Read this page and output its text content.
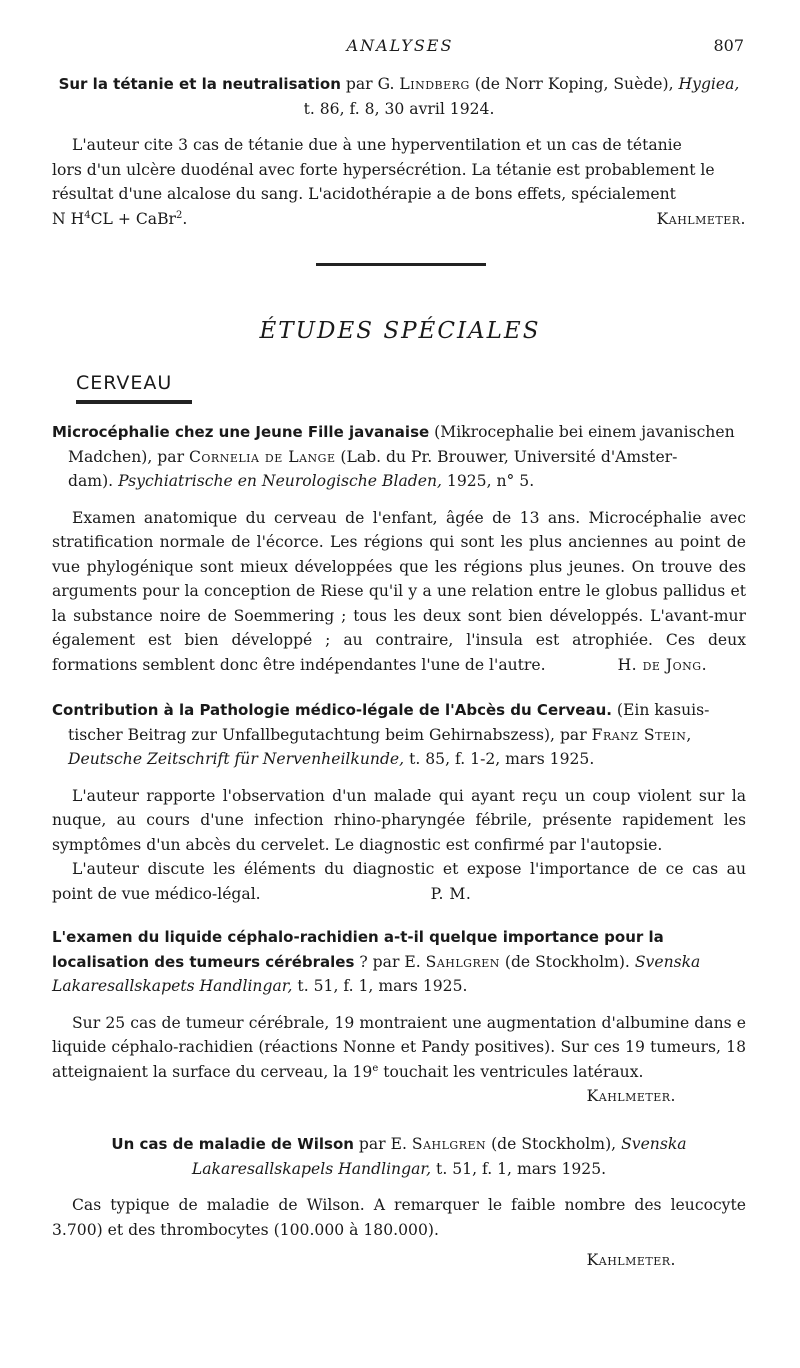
ANALYSES	807

Sur la tétanie et la neutralisation par G. Lindberg (de Norr Koping, Suède), Hygiea,

t. 86, f. 8, 30 avril 1924.

L'auteur cite 3 cas de tétanie due à une hyperventilation et un cas de tétanie

lors d'un ulcère duodénal avec forte hypersécrétion. La tétanie est probablement le

résultat d'une alcalose du sang. L'acidothérapie a de bons effets, spécialement

N $H^4CL$ + CaBr$^2$.	Kahlmeter.

ÉTUDES SPÉCIALES
CERVEAU

Microcéphalie chez une Jeune Fille javanaise (Mikrocephalie bei einem javanischen

Madchen), par Cornelia de Lange (Lab. du Pr. Brouwer, Université d'Amster-

dam). Psychiatrische en Neurologische Bladen, 1925, n° 5.

Examen anatomique du cerveau de l'enfant, âgée de 13 ans. Microcéphalie avec stratification normale de l'écorce. Les régions qui sont les plus anciennes au point de vue phylogénique sont mieux développées que les régions plus jeunes. On trouve des arguments pour la conception de Riese qu'il y a une relation entre le globus pallidus et la substance noire de Soemmering ; tous les deux sont bien développés. L'avant-mur également est bien développé ; au contraire, l'insula est atrophiée. Ces deux formations semblent donc être indépendantes l'une de l'autre.	H. de Jong.

Contribution à la Pathologie médico-légale de l'Abcès du Cerveau. (Ein kasuis-

tischer Beitrag zur Unfallbegutachtung beim Gehirnabszess), par Franz Stein,

Deutsche Zeitschrift für Nervenheilkunde, t. 85, f. 1-2, mars 1925.

L'auteur rapporte l'observation d'un malade qui ayant reçu un coup violent sur la nuque, au cours d'une infection rhino-pharyngée fébrile, présente rapidement les symptômes d'un abcès du cervelet. Le diagnostic est confirmé par l'autopsie.

L'auteur discute les éléments du diagnostic et expose l'importance de ce cas au point de vue médico-légal.	P. M.

L'examen du liquide céphalo-rachidien a-t-il quelque importance pour la localisation des tumeurs cérébrales ? par E. Sahlgren (de Stockholm). Svenska Lakaresallskapets Handlingar, t. 51, f. 1, mars 1925.

Sur 25 cas de tumeur cérébrale, 19 montraient une augmentation d'albumine dans e liquide céphalo-rachidien (réactions Nonne et Pandy positives). Sur ces 19 tumeurs, 18 atteignaient la surface du cerveau, la 19e touchait les ventricules latéraux.

Kahlmeter.

Un cas de maladie de Wilson par E. Sahlgren (de Stockholm), Svenska

Lakaresallskapels Handlingar, t. 51, f. 1, mars 1925.

Cas typique de maladie de Wilson. A remarquer le faible nombre des leucocyte 3.700) et des thrombocytes (100.000 à 180.000).

Kahlmeter.
